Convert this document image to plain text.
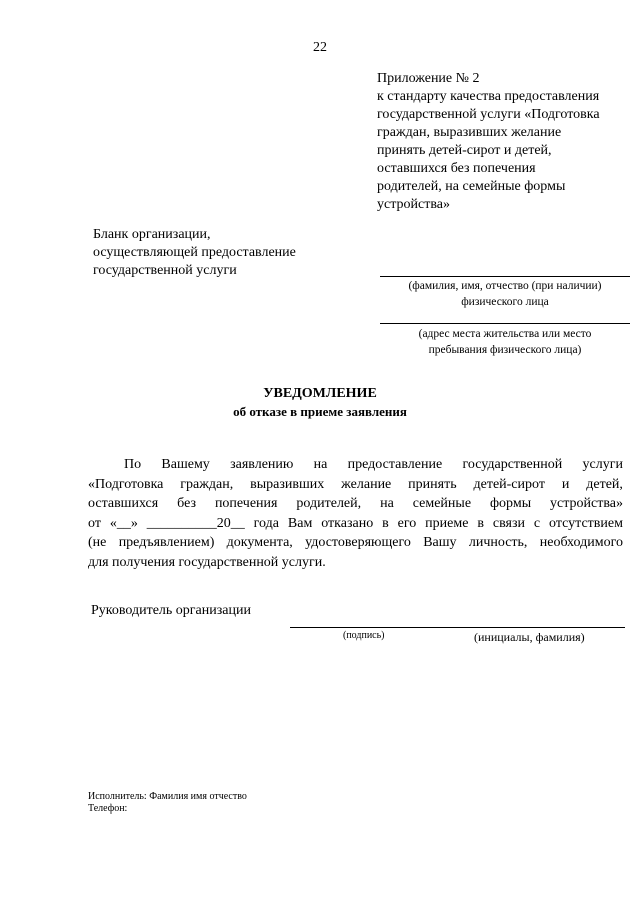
22
Приложение № 2
к стандарту качества предоставления
государственной услуги «Подготовка
граждан, выразивших желание
принять детей-сирот и детей,
оставшихся без попечения
родителей, на семейные формы
устройства»
Бланк организации,
осуществляющей предоставление
государственной услуги
(фамилия, имя, отчество (при наличии)
физического лица
(адрес места жительства или место
пребывания физического лица)
УВЕДОМЛЕНИЕ
об отказе в приеме заявления
По Вашему заявлению на предоставление государственной услуги
«Подготовка граждан, выразивших желание принять детей-сирот и детей,
оставшихся без попечения родителей, на семейные формы устройства»
от «__» __________20__ года Вам отказано в его приеме в связи с отсутствием
(не предъявлением) документа, удостоверяющего Вашу личность, необходимого
для получения государственной услуги.
Руководитель организации
(подпись)	(инициалы, фамилия)
Исполнитель: Фамилия имя отчество
Телефон:
